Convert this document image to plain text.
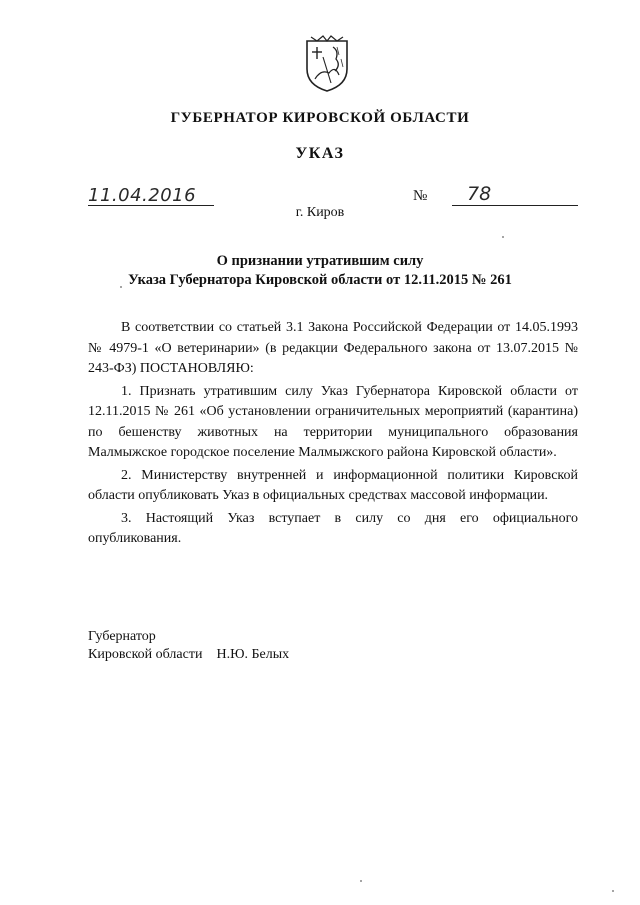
ГУБЕРНАТОР КИРОВСКОЙ ОБЛАСТИ
УКАЗ
11.04.2016	№ 78
г. Киров
О признании утратившим силу
Указа Губернатора Кировской области от 12.11.2015 № 261

В соответствии со статьей 3.1 Закона Российской Федерации от 14.05.1993 № 4979-1 «О ветеринарии» (в редакции Федерального закона от 13.07.2015 № 243-ФЗ) ПОСТАНОВЛЯЮ:

1. Признать утратившим силу Указ Губернатора Кировской области от 12.11.2015 № 261 «Об установлении ограничительных мероприятий (карантина) по бешенству животных на территории муниципального образования Малмыжское городское поселение Малмыжского района Кировской области».

2. Министерству внутренней и информационной политики Кировской области опубликовать Указ в официальных средствах массовой информации.

3. Настоящий Указ вступает в силу со дня его официального опубликования.

Губернатор
Кировской области Н.Ю. Белых
